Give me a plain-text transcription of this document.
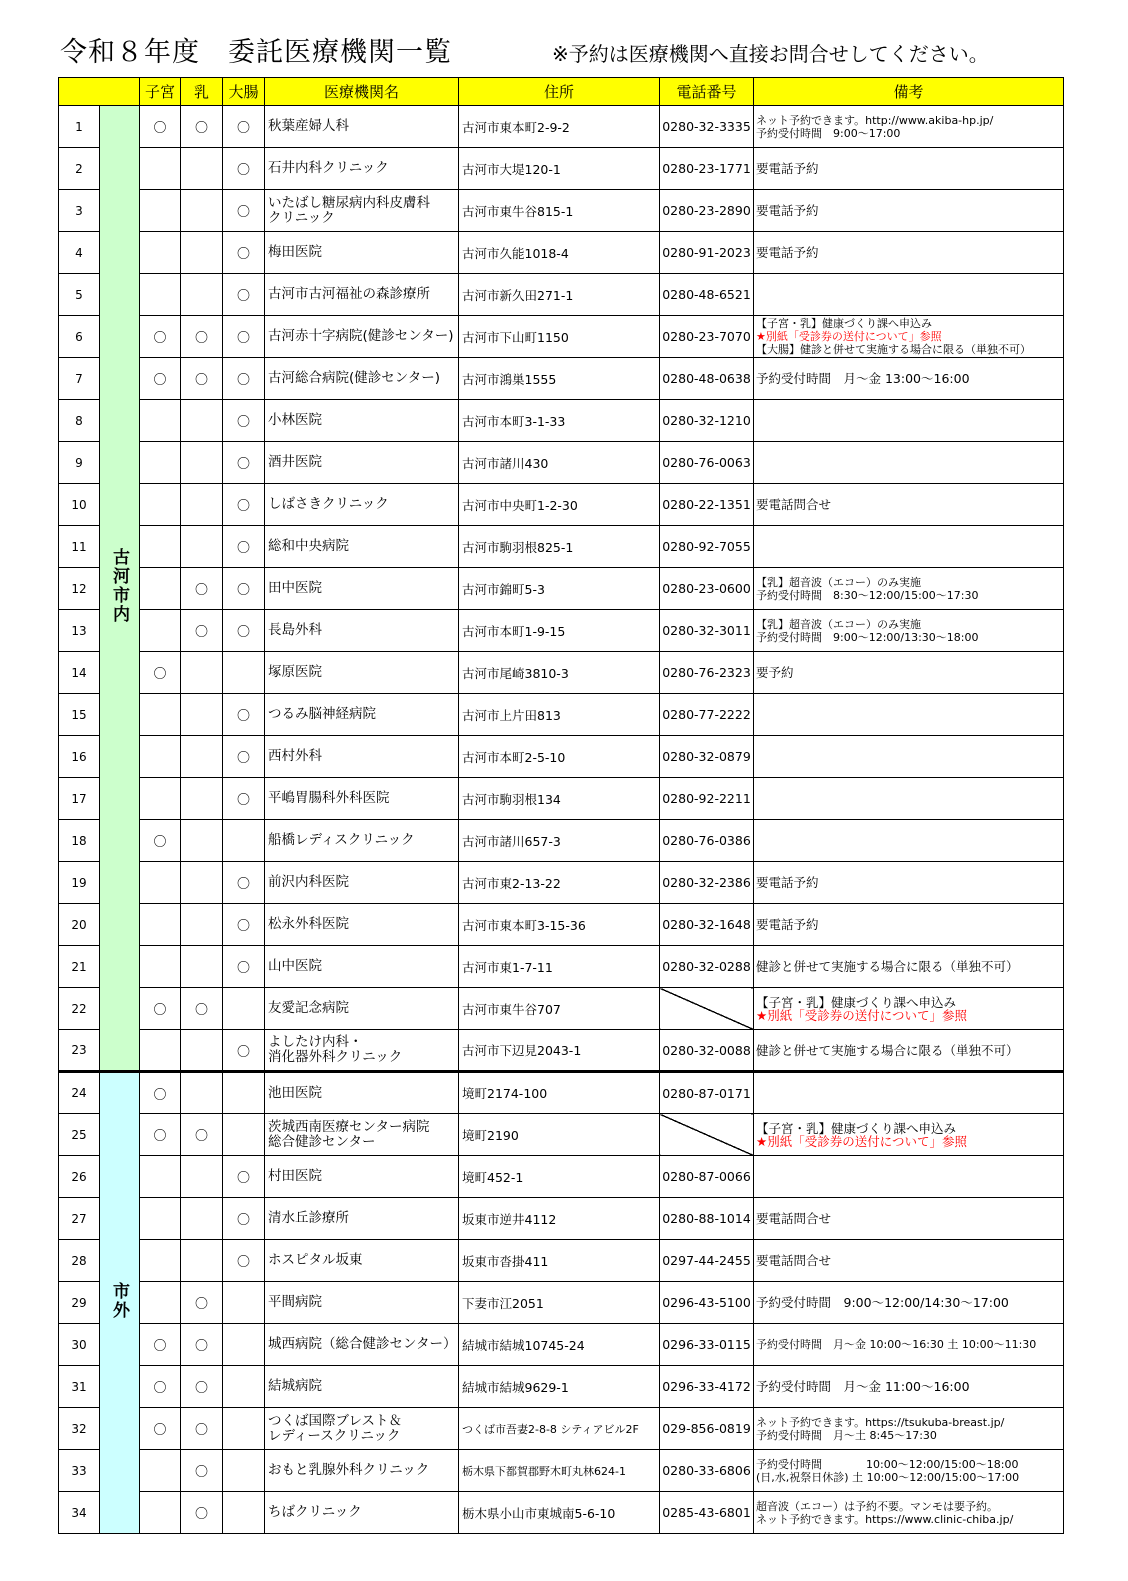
令和８年度　委託医療機関一覧	※予約は医療機関へ直接お問合せしてください。
		子宮	乳	大腸	医療機関名	住所	電話番号	備考
1	古河市内	〇	〇	〇	秋葉産婦人科	古河市東本町2-9-2	0280-32-3335	ネット予約できます。http://www.akiba-hp.jp/
予約受付時間　9:00～17:00

2				〇	石井内科クリニック	古河市大堤120-1	0280-23-1771	要電話予約

3				〇	いたばし糖尿病内科皮膚科
クリニック	古河市東牛谷815-1	0280-23-2890	要電話予約

4				〇	梅田医院	古河市久能1018-4	0280-91-2023	要電話予約

5				〇	古河市古河福祉の森診療所	古河市新久田271-1	0280-48-6521	
6		〇	〇	〇	古河赤十字病院(健診センター)	古河市下山町1150	0280-23-7070	【子宮・乳】健康づくり課へ申込み
★別紙「受診券の送付について」参照
【大腸】健診と併せて実施する場合に限る（単独不可）

7		〇	〇	〇	古河総合病院(健診センター)	古河市鴻巣1555	0280-48-0638	予約受付時間　月～金 13:00～16:00

8				〇	小林医院	古河市本町3-1-33	0280-32-1210	
9				〇	酒井医院	古河市諸川430	0280-76-0063	
10				〇	しばさきクリニック	古河市中央町1-2-30	0280-22-1351	要電話問合せ

11				〇	総和中央病院	古河市駒羽根825-1	0280-92-7055	
12			〇	〇	田中医院	古河市錦町5-3	0280-23-0600	【乳】超音波（エコー）のみ実施
予約受付時間　8:30～12:00/15:00～17:30

13			〇	〇	長島外科	古河市本町1-9-15	0280-32-3011	【乳】超音波（エコー）のみ実施
予約受付時間　9:00～12:00/13:30～18:00

14		〇			塚原医院	古河市尾崎3810-3	0280-76-2323	要予約

15				〇	つるみ脳神経病院	古河市上片田813	0280-77-2222	
16				〇	西村外科	古河市本町2-5-10	0280-32-0879	
17				〇	平嶋胃腸科外科医院	古河市駒羽根134	0280-92-2211	
18		〇			船橋レディスクリニック	古河市諸川657-3	0280-76-0386	
19				〇	前沢内科医院	古河市東2-13-22	0280-32-2386	要電話予約

20				〇	松永外科医院	古河市東本町3-15-36	0280-32-1648	要電話予約

21				〇	山中医院	古河市東1-7-11	0280-32-0288	健診と併せて実施する場合に限る（単独不可）

22		〇	〇		友愛記念病院	古河市東牛谷707		【子宮・乳】健康づくり課へ申込み
★別紙「受診券の送付について」参照

23				〇	よしたけ内科・
消化器外科クリニック	古河市下辺見2043-1	0280-32-0088	健診と併せて実施する場合に限る（単独不可）

24	市外	〇			池田医院	境町2174-100	0280-87-0171	
25		〇	〇		茨城西南医療センター病院
総合健診センター	境町2190		【子宮・乳】健康づくり課へ申込み
★別紙「受診券の送付について」参照

26				〇	村田医院	境町452-1	0280-87-0066	
27				〇	清水丘診療所	坂東市逆井4112	0280-88-1014	要電話問合せ

28				〇	ホスピタル坂東	坂東市沓掛411	0297-44-2455	要電話問合せ

29			〇		平間病院	下妻市江2051	0296-43-5100	予約受付時間　9:00～12:00/14:30～17:00

30		〇	〇		城西病院（総合健診センター）	結城市結城10745-24	0296-33-0115	予約受付時間　月～金 10:00～16:30 土 10:00～11:30

31		〇	〇		結城病院	結城市結城9629-1	0296-33-4172	予約受付時間　月～金 11:00～16:00

32		〇	〇		つくば国際ブレスト＆
レディースクリニック	つくば市吾妻2-8-8 シティアビル2F	029-856-0819	ネット予約できます。https://tsukuba-breast.jp/
予約受付時間　月～土 8:45～17:30

33			〇		おもと乳腺外科クリニック	栃木県下都賀郡野木町丸林624-1	0280-33-6806	予約受付時間　　　　10:00～12:00/15:00～18:00
(日,水,祝祭日休診) 土 10:00～12:00/15:00～17:00

34			〇		ちばクリニック	栃木県小山市東城南5-6-10	0285-43-6801	超音波（エコー）は予約不要。マンモは要予約。
ネット予約できます。https://www.clinic-chiba.jp/
